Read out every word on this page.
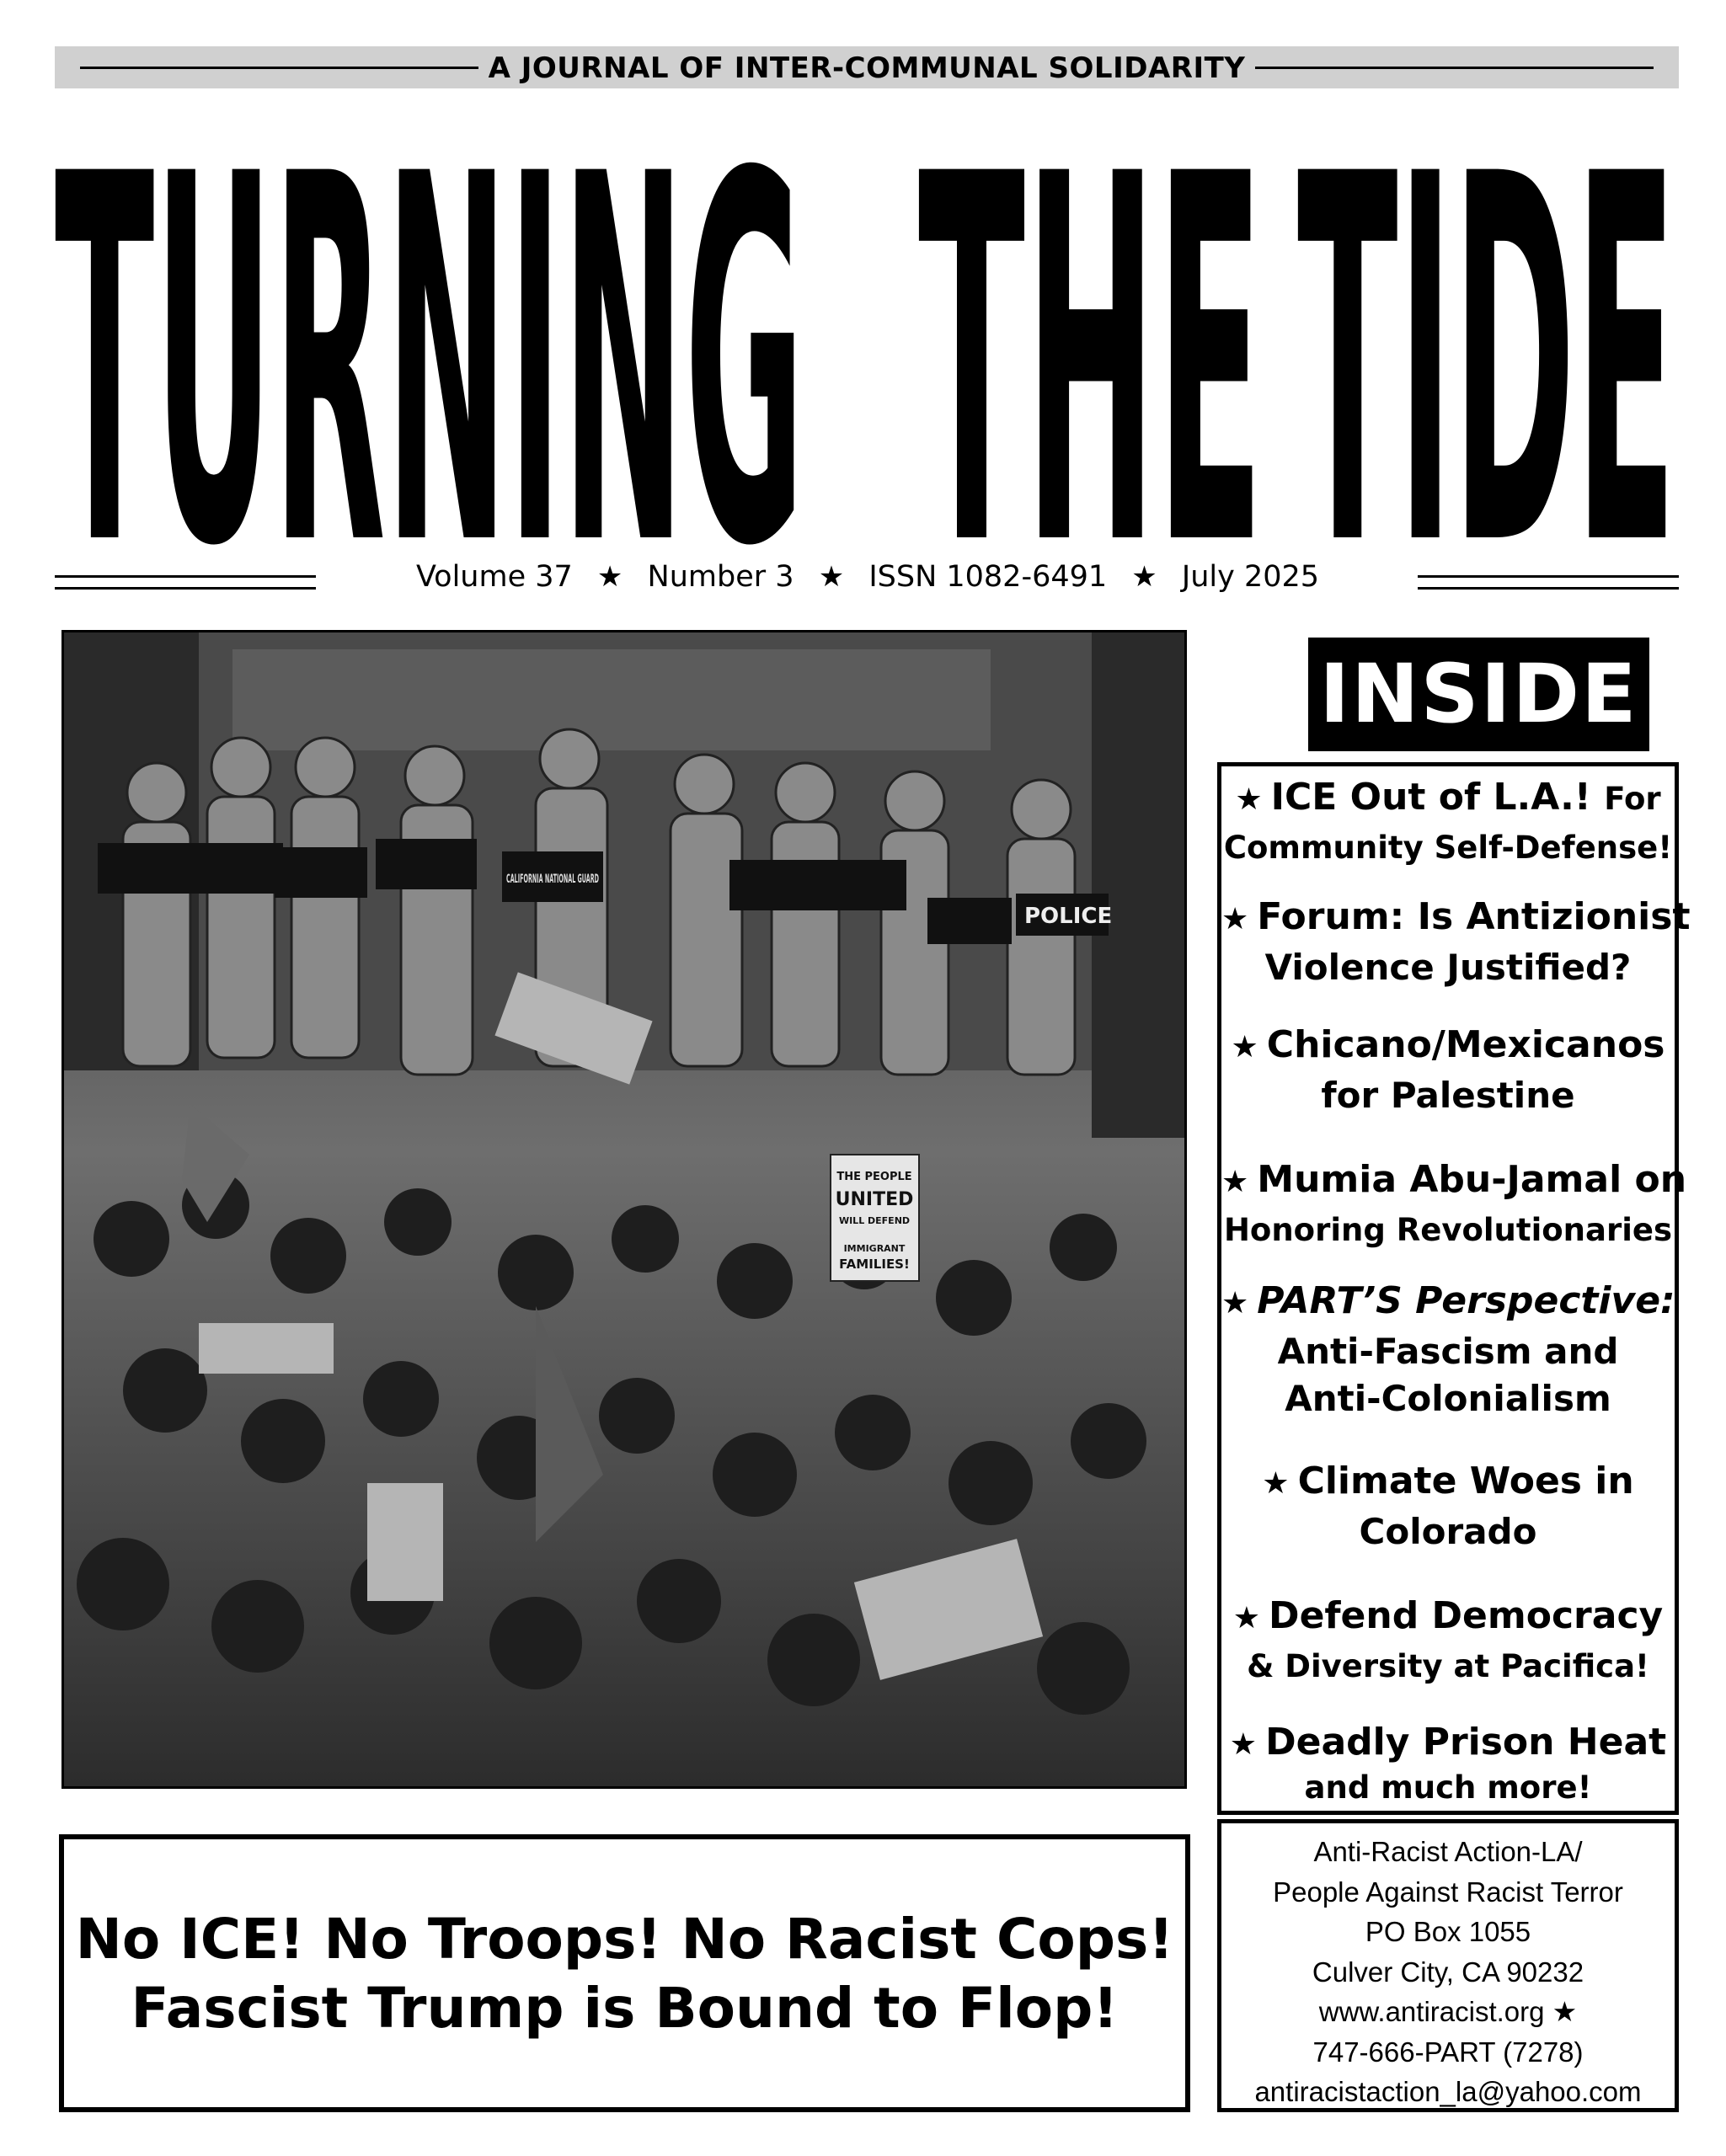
A JOURNAL OF INTER-COMMUNAL SOLIDARITY
TURNING THE TIDE
Volume 37 ★ Number 3 ★ ISSN 1082-6491 ★ July 2025
CALIFORNIA NATIONAL GUARD
POLICE
THE PEOPLE
UNITED
WILL DEFEND
IMMIGRANT
FAMILIES!
INSIDE
★ ICE Out of L.A.! For
Community Self-Defense!
★ Forum: Is Antizionist
Violence Justified?
★ Chicano/Mexicanos
for Palestine
★ Mumia Abu-Jamal on
Honoring Revolutionaries
★ PART’S Perspective:
Anti-Fascism and
Anti-Colonialism
★ Climate Woes in
Colorado
★ Defend Democracy
& Diversity at Pacifica!
★ Deadly Prison Heat
and much more!
Anti-Racist Action-LA/
People Against Racist Terror
PO Box 1055
Culver City, CA 90232
www.antiracist.org ★
747-666-PART (7278)
antiracistaction_la@yahoo.com
No ICE! No Troops! No Racist Cops!
Fascist Trump is Bound to Flop!
